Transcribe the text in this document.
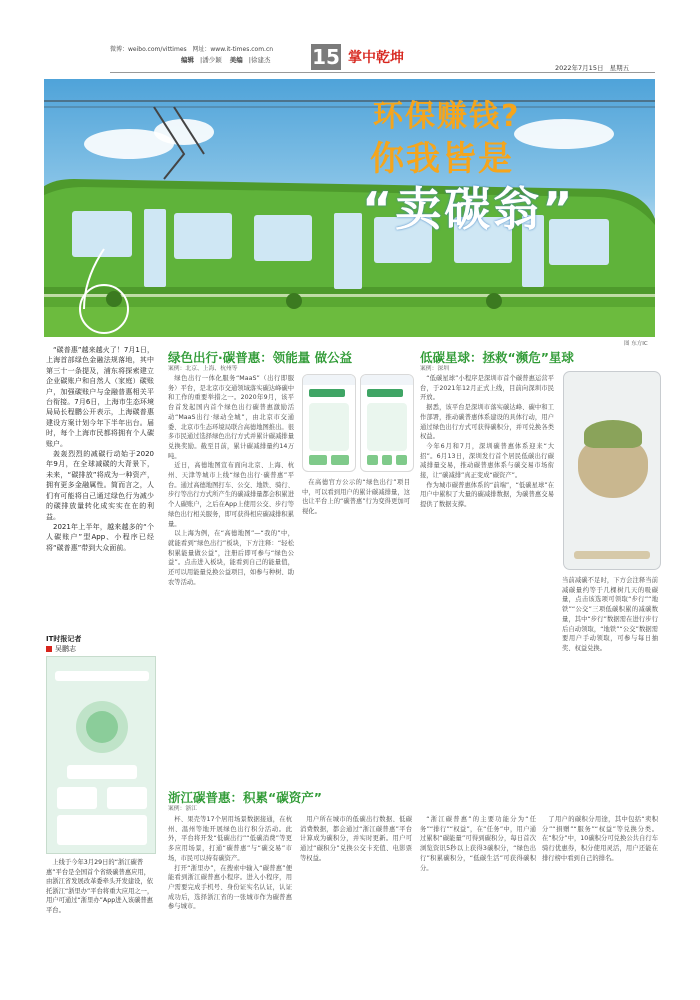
微博：weibo.com/vittimes 网址：www.it-times.com.cn
编辑 |潘少颖 美编 |徐建杰	15 掌中乾坤
2022年7月15日 星期五
环保赚钱?
你我皆是
“卖碳翁”
图 东方IC

“碳普惠”越来越火了！7月1日，上海首部绿色金融法规落地，其中第三十一条提及，浦东将探索建立企业碳账户和自然人（家庭）碳账户，加强碳账户与金融普惠相关平台衔接。7月6日，上海市生态环境局局长程鹏公开表示，上海碳普惠建设方案计划今年下半年出台。届时，每个上海市民都将拥有个人碳账户。

轰轰烈烈的减碳行动始于2020年9月，在全球减碳的大背景下，未来，“碳排放”将成为一种资产，拥有更多金融属性。简而言之，人们有可能将自己通过绿色行为减少的碳排放量转化成实实在在的利益。

2021年上半年，越来越多的“个人碳账户”型App、小程序已经将“碳普惠”带到大众面前。

IT时报记者
吴鹏志
上线于今年3月29日的“浙江碳普惠”平台是全国首个省级碳普惠应用，由浙江省发展改革委牵头开发建设，依托浙江“浙里办”平台将重大应用之一，用户可通过“浙里办”App进入该碳普惠平台。
绿色出行·碳普惠：领能量 做公益
案例：北京、上海、杭州等

绿色出行一体化服务“MaaS”（出行即服务）平台，是北京市交通领域落实碳达峰碳中和工作的重要举措之一。2020年9月，该平台首发起国内首个绿色出行碳普惠激励活动“MaaS出行·绿动全城”，由北京市交通委、北京市生态环境局联合高德地图推出。很多市民通过选择绿色出行方式并累计碳减排量兑换奖励。截至目前，累计碳减排量约14万吨。

近日，高德地图宣布面向北京、上海、杭州、天津等城市上线“绿色出行·碳普惠”平台。通过高德地图打车、公交、地铁、骑行、步行等出行方式所产生的碳减排量都会积累进个人碳账户，之后在App上使用公交、步行等绿色出行相关服务，即可获得相应碳减排积累量。

以上海为例，在“高德地图”—“我的”中，就能看到“绿色出行”板块，下方注释：“轻松积累能量做公益”，注册后即可参与“绿色公益”。点击进入板块，能看到自己的能量值，还可以用能量兑换公益项目，如参与种树、助农等活动。

在高德官方公示的“绿色出行”项目中，可以看到用户的累计碳减排量，这也让平台上的“碳普惠”行为变得更加可视化。

低碳星球：拯救“濒危”星球
案例：深圳

“低碳星球”小程序是深圳市首个碳普惠运营平台，于2021年12月正式上线，目前向深圳市民开放。

据悉，该平台是深圳市落实碳达峰、碳中和工作部署，推动碳普惠体系建设的具体行动，用户通过绿色出行方式可获得碳积分，并可兑换各类权益。

今年6月和7月，深圳碳普惠体系迎来“大招”。6月13日，深圳发行首个居民低碳出行碳减排量交易，推动碳普惠体系与碳交易市场衔接，让“碳减排”真正变成“碳资产”。

作为城市碳普惠体系的“前端”，“低碳星球”在用户中累积了大量的碳减排数据，为碳普惠交易提供了数据支撑。

当前减碳不足时，下方会注释当前减碳量约等于几棵树几天的吸碳量，点击该选项可领取“步行”“地铁”“公交”三项低碳积累的减碳数量，其中“步行”数据需在进行步行后自动领取，“地铁”“公交”数据需要用户手动领取，可参与每日抽奖、权益兑换。
浙江碳普惠：积累“碳资产”
案例：浙江

杯、果壳等17个居用场景数据接通，在杭州、温州等地开展绿色出行积分活动。此外，平台将开发“低碳出行”“低碳消费”等更多应用场景，打通“碳普惠”与“碳交易”市场，市民可以持有碳资产。

打开“浙里办”，在搜索中输入“碳普惠”便能看到浙江碳普惠小程序。进入小程序，用户需要完成手机号、身份证实名认证，认证成功后，选择浙江省的一张城市作为碳普惠参与城市。

用户所在城市的低碳出行数据、低碳消费数据，都会通过“浙江碳普惠”平台计算成为碳积分，并实时更新。用户可通过“碳积分”兑换公交卡充值、电影票等权益。

“浙江碳普惠”的主要功能分为“任务”“排行”“权益”，在“任务”中，用户通过累积“碳能量”可得到碳积分，每日首次浏览资讯5秒以上获得3碳积分，“绿色出行”积累碳积分，“低碳生活”可获得碳积分。

了用户的碳积分用途，其中包括“卖积分”“捐赠”“服务”“权益”等兑换分类。在“积分”中，10碳积分可兑换公共自行车骑行优惠券，积分使用灵活，用户还能在排行榜中看到自己的排名。
